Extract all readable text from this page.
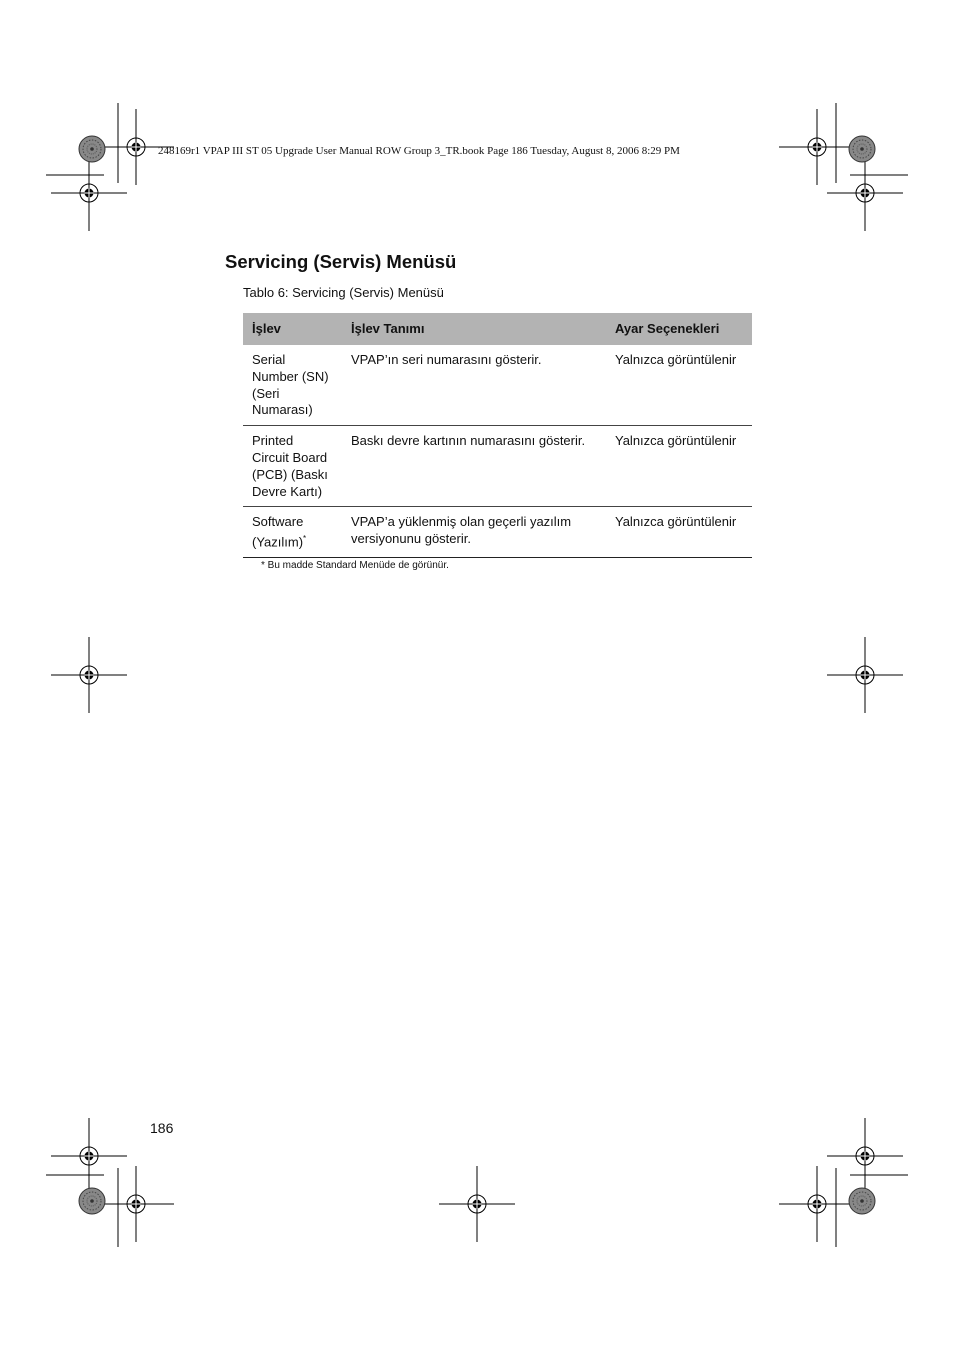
248169r1 VPAP III ST 05 Upgrade User Manual ROW Group 3_TR.book Page 186 Tuesday, August 8, 2006 8:29 PM
Servicing (Servis) Menüsü
Tablo 6: Servicing (Servis) Menüsü
İşlev	İşlev Tanımı	Ayar Seçenekleri
Serial Number (SN) (Seri Numarası)	VPAP’ın seri numarasını gösterir.	Yalnızca görüntülenir
Printed Circuit Board (PCB) (Baskı Devre Kartı)	Baskı devre kartının numarasını gösterir.	Yalnızca görüntülenir
Software (Yazılım)*	VPAP’a yüklenmiş olan geçerli yazılım versiyonunu gösterir.	Yalnızca görüntülenir
* Bu madde Standard Menüde de görünür.
186
